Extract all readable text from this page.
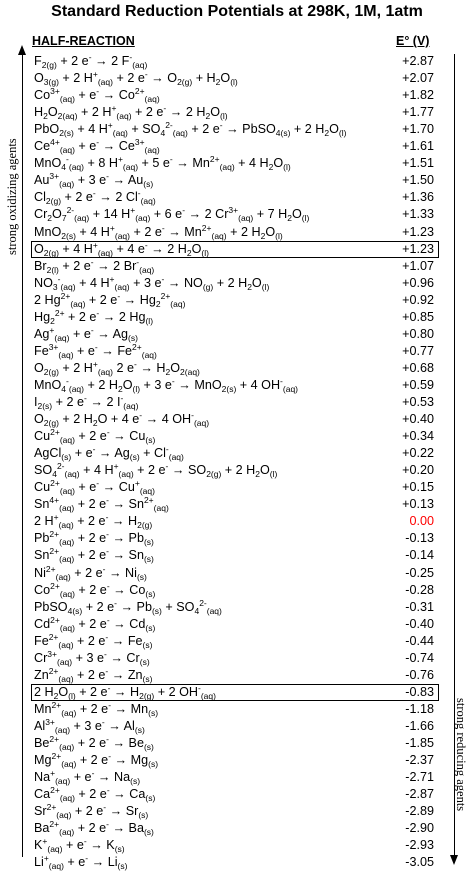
Standard Reduction Potentials at 298K, 1M, 1atm
HALF-REACTION	E° (V)
strong oxidizing agents
strong reducing agents
$F_{2(g)} + 2$ e- → 2 $F^-_{(aq)}$	+2.87
$O_{3(g)} + 2$ $H^+_{(aq)} + 2$ $e^- \to O_{2(g)} + H_2O_{(l)}$	+2.07
$Co^{3+}_{(aq)} + e^- \to Co^{2+}_{(aq)}$	+1.82
$H_2O_{2(aq)} + 2$ $H^+_{(aq)} + 2$ e- → 2 $H_2O_{(l)}$	+1.77
PbO$_{2(s)}$ + 4 $H^+_{(aq)} + SO_4^{2-}_{(aq)} + 2$ e- → PbSO$_{4(s)}$ + 2 $H_2O_{(l)}$	+1.70
$Ce^{4+}_{(aq)} + e^- \to Ce^{3+}_{(aq)}$	+1.61
MnO$_4$-$_{(aq)}$ + 8 $H^+_{(aq)} + 5$ $e^- \to Mn^{2+}_{(aq)} + 4$ $H_2O_{(l)}$	+1.51
$Au^{3+}_{(aq)} + 3$ $e^- \to Au_{(s)}$	+1.50
$Cl_{2(g)} + 2$ e- → 2 $Cl^-_{(aq)}$	+1.36
$Cr_2O_7^{2-}_{(aq)} + 14$ $H^+_{(aq)} + 6$ e- → 2 $Cr^{3+}_{(aq)} + 7$ $H_2O_{(l)}$	+1.33
MnO$_{2(s)}$ + 4 $H^+_{(aq)} + 2$ $e^- \to Mn^{2+}_{(aq)} + 2$ $H_2O_{(l)}$	+1.23
$O_{2(g)} + 4$ $H^+_{(aq)} + 4$ e- → 2 $H_2O_{(l)}$	+1.23
$Br_{2(l)} + 2$ e- → 2 $Br^-_{(aq)}$	+1.07
$NO_3^-_{(aq)} + 4$ $H^+_{(aq)} + 3$ $e^- \to NO_{(g)} + 2$ $H_2O_{(l)}$	+0.96
2 $Hg^{2+}_{(aq)} + 2$ $e^- \to Hg_2^{2+}_{(aq)}$	+0.92
$Hg_2^{2+} + 2$ e- → 2 $Hg_{(l)}$	+0.85
$Ag^+_{(aq)} + e^- \to Ag_{(s)}$	+0.80
$Fe^{3+}_{(aq)} + e^- \to Fe^{2+}_{(aq)}$	+0.77
$O_{2(g)} + 2$ $H^+_{(aq)}$ 2 $e^- \to H_2O_{2(aq)}$	+0.68
MnO$_4$-$_{(aq)}$ + 2 $H_2O_{(l)} + 3$ e- → MnO$_{2(s)}$ + 4 $OH^-_{(aq)}$	+0.59
$I_{2(s)} + 2$ e- → 2 $I^-_{(aq)}$	+0.53
$O_{2(g)} + 2$ $H_2O + 4$ e- → 4 $OH^-_{(aq)}$	+0.40
$Cu^{2+}_{(aq)} + 2$ $e^- \to Cu_{(s)}$	+0.34
AgCl$_{(s)}$ + $e^- \to Ag_{(s)} + Cl^-_{(aq)}$	+0.22
$SO_4^{2-}_{(aq)} + 4$ $H^+_{(aq)} + 2$ $e^- \to SO_{2(g)} + 2$ $H_2O_{(l)}$	+0.20
$Cu^{2+}_{(aq)} + e^- \to Cu^+_{(aq)}$	+0.15
$Sn^{4+}_{(aq)} + 2$ $e^- \to Sn^{2+}_{(aq)}$	+0.13
2 $H^+_{(aq)} + 2$ $e^- \to H_{2(g)}$	0.00
$Pb^{2+}_{(aq)} + 2$ $e^- \to Pb_{(s)}$	-0.13
$Sn^{2+}_{(aq)} + 2$ $e^- \to Sn_{(s)}$	-0.14
$Ni^{2+}_{(aq)} + 2$ $e^- \to Ni_{(s)}$	-0.25
$Co^{2+}_{(aq)} + 2$ $e^- \to Co_{(s)}$	-0.28
PbSO$_{4(s)}$ + 2 $e^- \to Pb_{(s)} + SO_4^{2-}_{(aq)}$	-0.31
$Cd^{2+}_{(aq)} + 2$ $e^- \to Cd_{(s)}$	-0.40
$Fe^{2+}_{(aq)} + 2$ $e^- \to Fe_{(s)}$	-0.44
$Cr^{3+}_{(aq)} + 3$ $e^- \to Cr_{(s)}$	-0.74
$Zn^{2+}_{(aq)} + 2$ $e^- \to Zn_{(s)}$	-0.76
2 $H_2O_{(l)} + 2$ $e^- \to H_{2(g)} + 2$ $OH^-_{(aq)}$	-0.83
$Mn^{2+}_{(aq)} + 2$ $e^- \to Mn_{(s)}$	-1.18
$Al^{3+}_{(aq)} + 3$ $e^- \to Al_{(s)}$	-1.66
$Be^{2+}_{(aq)} + 2$ $e^- \to Be_{(s)}$	-1.85
$Mg^{2+}_{(aq)} + 2$ $e^- \to Mg_{(s)}$	-2.37
$Na^+_{(aq)} + e^- \to Na_{(s)}$	-2.71
$Ca^{2+}_{(aq)} + 2$ $e^- \to Ca_{(s)}$	-2.87
$Sr^{2+}_{(aq)} + 2$ $e^- \to Sr_{(s)}$	-2.89
$Ba^{2+}_{(aq)} + 2$ $e^- \to Ba_{(s)}$	-2.90
$K^+_{(aq)} + e^- \to K_{(s)}$	-2.93
$Li^+_{(aq)} + e^- \to Li_{(s)}$	-3.05
